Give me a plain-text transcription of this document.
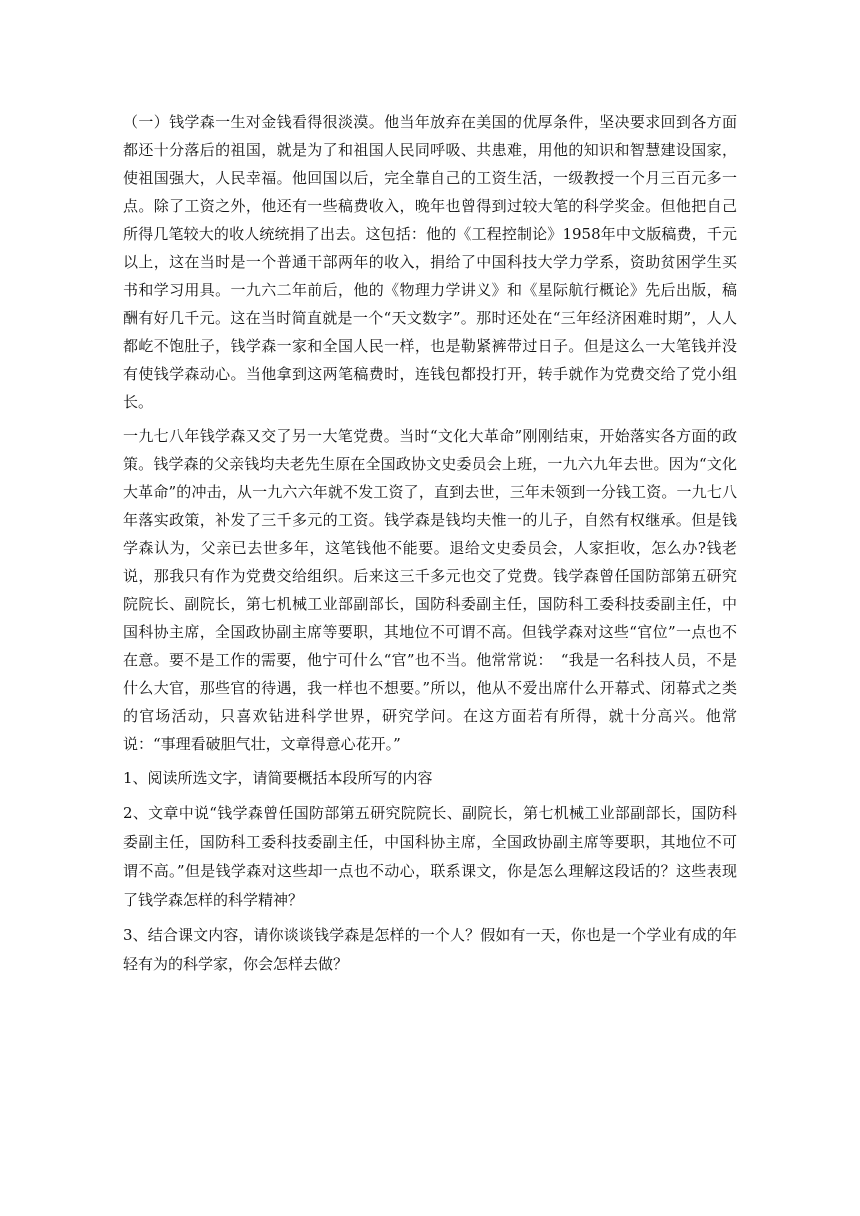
（一）钱学森一生对金钱看得很淡漠。他当年放弃在美国的优厚条件，坚决要求回到各方面都还十分落后的祖国，就是为了和祖国人民同呼吸、共患难，用他的知识和智慧建设国家，使祖国强大，人民幸福。他回国以后，完全靠自己的工资生活，一级教授一个月三百元多一点。除了工资之外，他还有一些稿费收入，晚年也曾得到过较大笔的科学奖金。但他把自己所得几笔较大的收人统统捐了出去。这包括：他的《工程控制论》1958年中文版稿费，千元以上，这在当时是一个普通干部两年的收入，捐给了中国科技大学力学系，资助贫困学生买书和学习用具。一九六二年前后，他的《物理力学讲义》和《星际航行概论》先后出版，稿酬有好几千元。这在当时简直就是一个“天文数字”。那时还处在“三年经济困难时期”，人人都屹不饱肚子，钱学森一家和全国人民一样，也是勒紧裤带过日子。但是这么一大笔钱并没有使钱学森动心。当他拿到这两笔稿费时，连钱包都投打开，转手就作为党费交给了党小组长。

一九七八年钱学森又交了另一大笔党费。当时“文化大革命”刚刚结束，开始落实各方面的政策。钱学森的父亲钱均夫老先生原在全国政协文史委员会上班，一九六九年去世。因为“文化大革命”的冲击，从一九六六年就不发工资了，直到去世，三年未领到一分钱工资。一九七八年落实政策，补发了三千多元的工资。钱学森是钱均夫惟一的儿子，自然有权继承。但是钱学森认为，父亲已去世多年，这笔钱他不能要。退给文史委员会，人家拒收，怎么办?钱老说，那我只有作为党费交给组织。后来这三千多元也交了党费。钱学森曾任国防部第五研究院院长、副院长，第七机械工业部副部长，国防科委副主任，国防科工委科技委副主任，中国科协主席，全国政协副主席等要职，其地位不可谓不高。但钱学森对这些“官位”一点也不在意。要不是工作的需要，他宁可什么“官”也不当。他常常说：　“我是一名科技人员，不是什么大官，那些官的待遇，我一样也不想要。”所以，他从不爱出席什么开幕式、闭幕式之类的官场活动，只喜欢钻进科学世界，研究学问。在这方面若有所得，就十分高兴。他常说：“事理看破胆气壮，文章得意心花开。”

1、阅读所选文字，请简要概括本段所写的内容

2、文章中说“钱学森曾任国防部第五研究院院长、副院长，第七机械工业部副部长，国防科委副主任，国防科工委科技委副主任，中国科协主席，全国政协副主席等要职，其地位不可谓不高。”但是钱学森对这些却一点也不动心，联系课文，你是怎么理解这段话的？这些表现了钱学森怎样的科学精神？

3、结合课文内容，请你谈谈钱学森是怎样的一个人？假如有一天，你也是一个学业有成的年轻有为的科学家，你会怎样去做？
